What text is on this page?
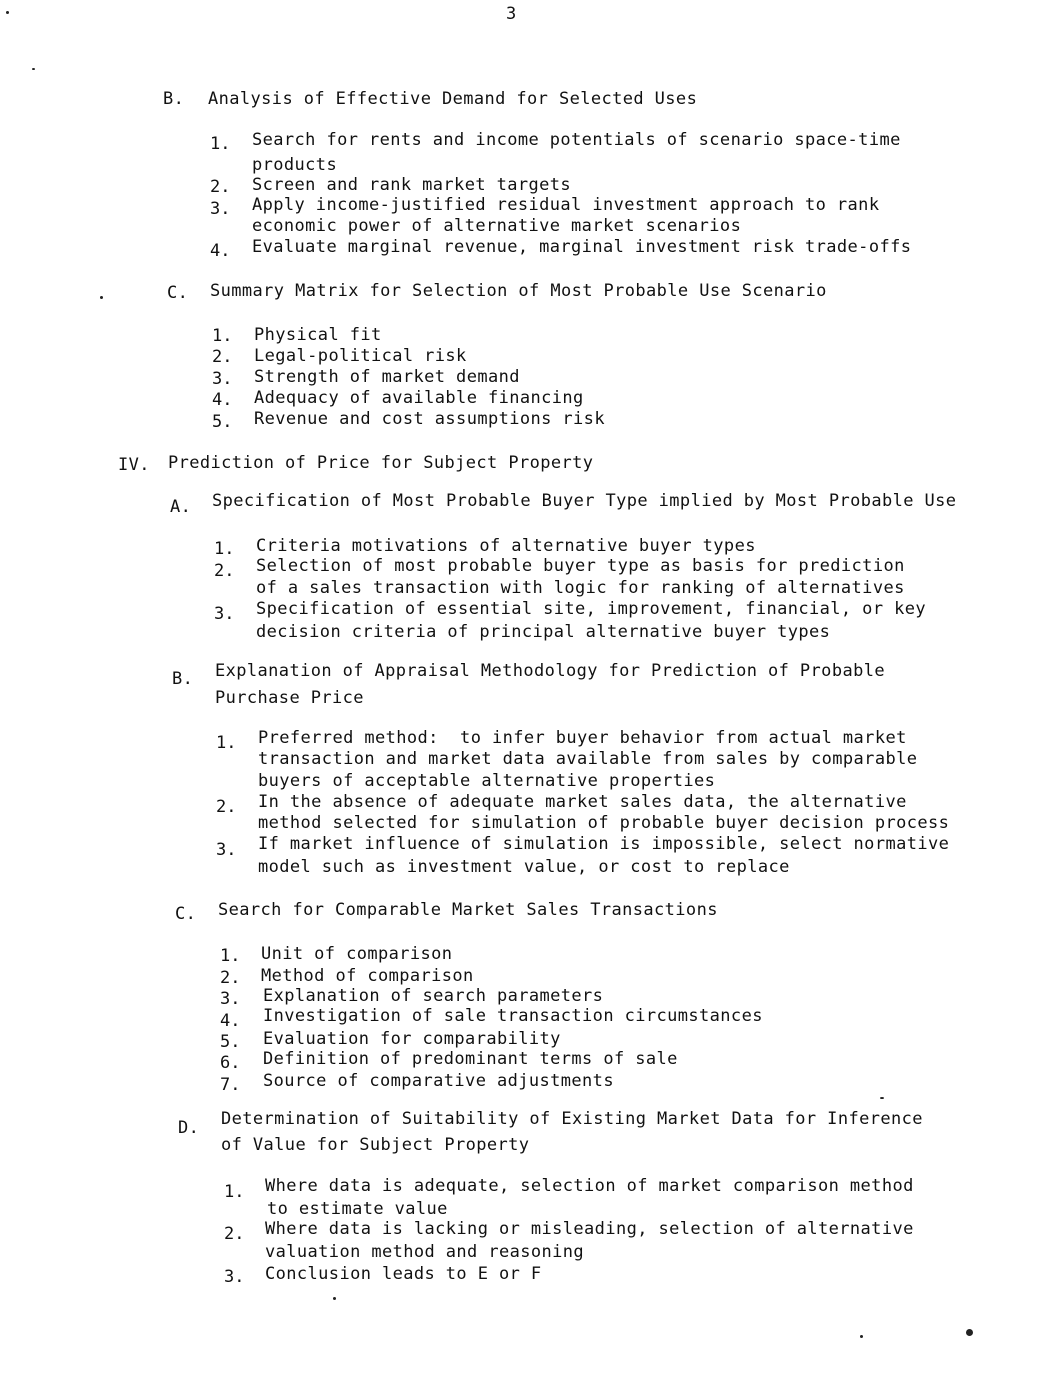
3
B. Analysis of Effective Demand for Selected Uses
1.	Search for rents and income potentials of scenario space-time
products
2.	Screen and rank market targets
3.	Apply income-justified residual investment approach to rank
economic power of alternative market scenarios
4.	Evaluate marginal revenue, marginal investment risk trade-offs
C. Summary Matrix for Selection of Most Probable Use Scenario
1.	Physical fit
2.	Legal-political risk
3.	Strength of market demand
4.	Adequacy of available financing
5.	Revenue and cost assumptions risk
IV. Prediction of Price for Subject Property
A. Specification of Most Probable Buyer Type implied by Most Probable Use
1.	Criteria motivations of alternative buyer types
2.	Selection of most probable buyer type as basis for prediction
of a sales transaction with logic for ranking of alternatives
3.	Specification of essential site, improvement, financial, or key
decision criteria of principal alternative buyer types
B. Explanation of Appraisal Methodology for Prediction of Probable
Purchase Price
1.	Preferred method:  to infer buyer behavior from actual market
transaction and market data available from sales by comparable
buyers of acceptable alternative properties
2.	In the absence of adequate market sales data, the alternative
method selected for simulation of probable buyer decision process
3.	If market influence of simulation is impossible, select normative
model such as investment value, or cost to replace
C. Search for Comparable Market Sales Transactions
1.	Unit of comparison
2.	Method of comparison
3.	Explanation of search parameters
4.	Investigation of sale transaction circumstances
5.	Evaluation for comparability
6.	Definition of predominant terms of sale
7.	Source of comparative adjustments
D. Determination of Suitability of Existing Market Data for Inference
of Value for Subject Property
1.	Where data is adequate, selection of market comparison method
to estimate value
2.	Where data is lacking or misleading, selection of alternative
valuation method and reasoning
3.	Conclusion leads to E or F
